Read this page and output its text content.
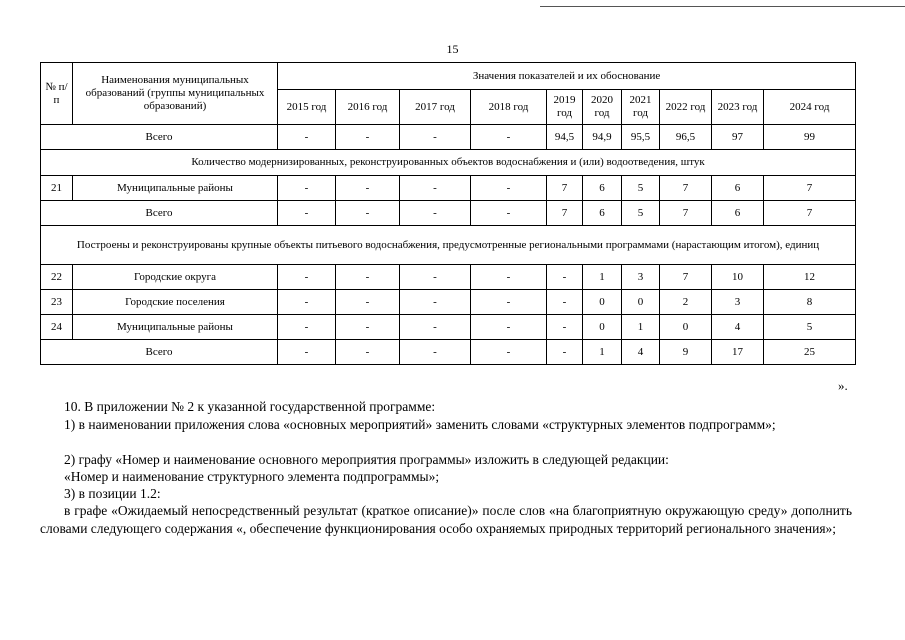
15
№ п/п	Наименования муниципальных образований (группы муниципальных образований)	Значения показателей и их обоснование									
		2015 год	2016 год	2017 год	2018 год	2019 год	2020 год	2021 год	2022 год	2023 год	2024 год
Всего		-	-	-	-	94,5	94,9	95,5	96,5	97	99
Количество модернизированных, реконструированных объектов водоснабжения и (или) водоотведения, штук											
21	Муниципальные районы	-	-	-	-	7	6	5	7	6	7
Всего		-	-	-	-	7	6	5	7	6	7
Построены и реконструированы крупные объекты питьевого водоснабжения, предусмотренные региональными программами (нарастающим итогом), единиц											
22	Городские округа	-	-	-	-	-	1	3	7	10	12
23	Городские поселения	-	-	-	-	-	0	0	2	3	8
24	Муниципальные районы	-	-	-	-	-	0	1	0	4	5
Всего		-	-	-	-	-	1	4	9	17	25
».
10. В приложении № 2 к указанной государственной программе:
1) в наименовании приложения слова «основных мероприятий» заменить словами «структурных элементов подпрограмм»;
2) графу «Номер и наименование основного мероприятия программы» изложить в следующей редакции:
«Номер и наименование структурного элемента подпрограммы»;
3) в позиции 1.2:
в графе «Ожидаемый непосредственный результат (краткое описание)» после слов «на благоприятную окружающую среду» дополнить словами следующего содержания «, обеспечение функционирования особо охраняемых природных территорий регионального значения»;
